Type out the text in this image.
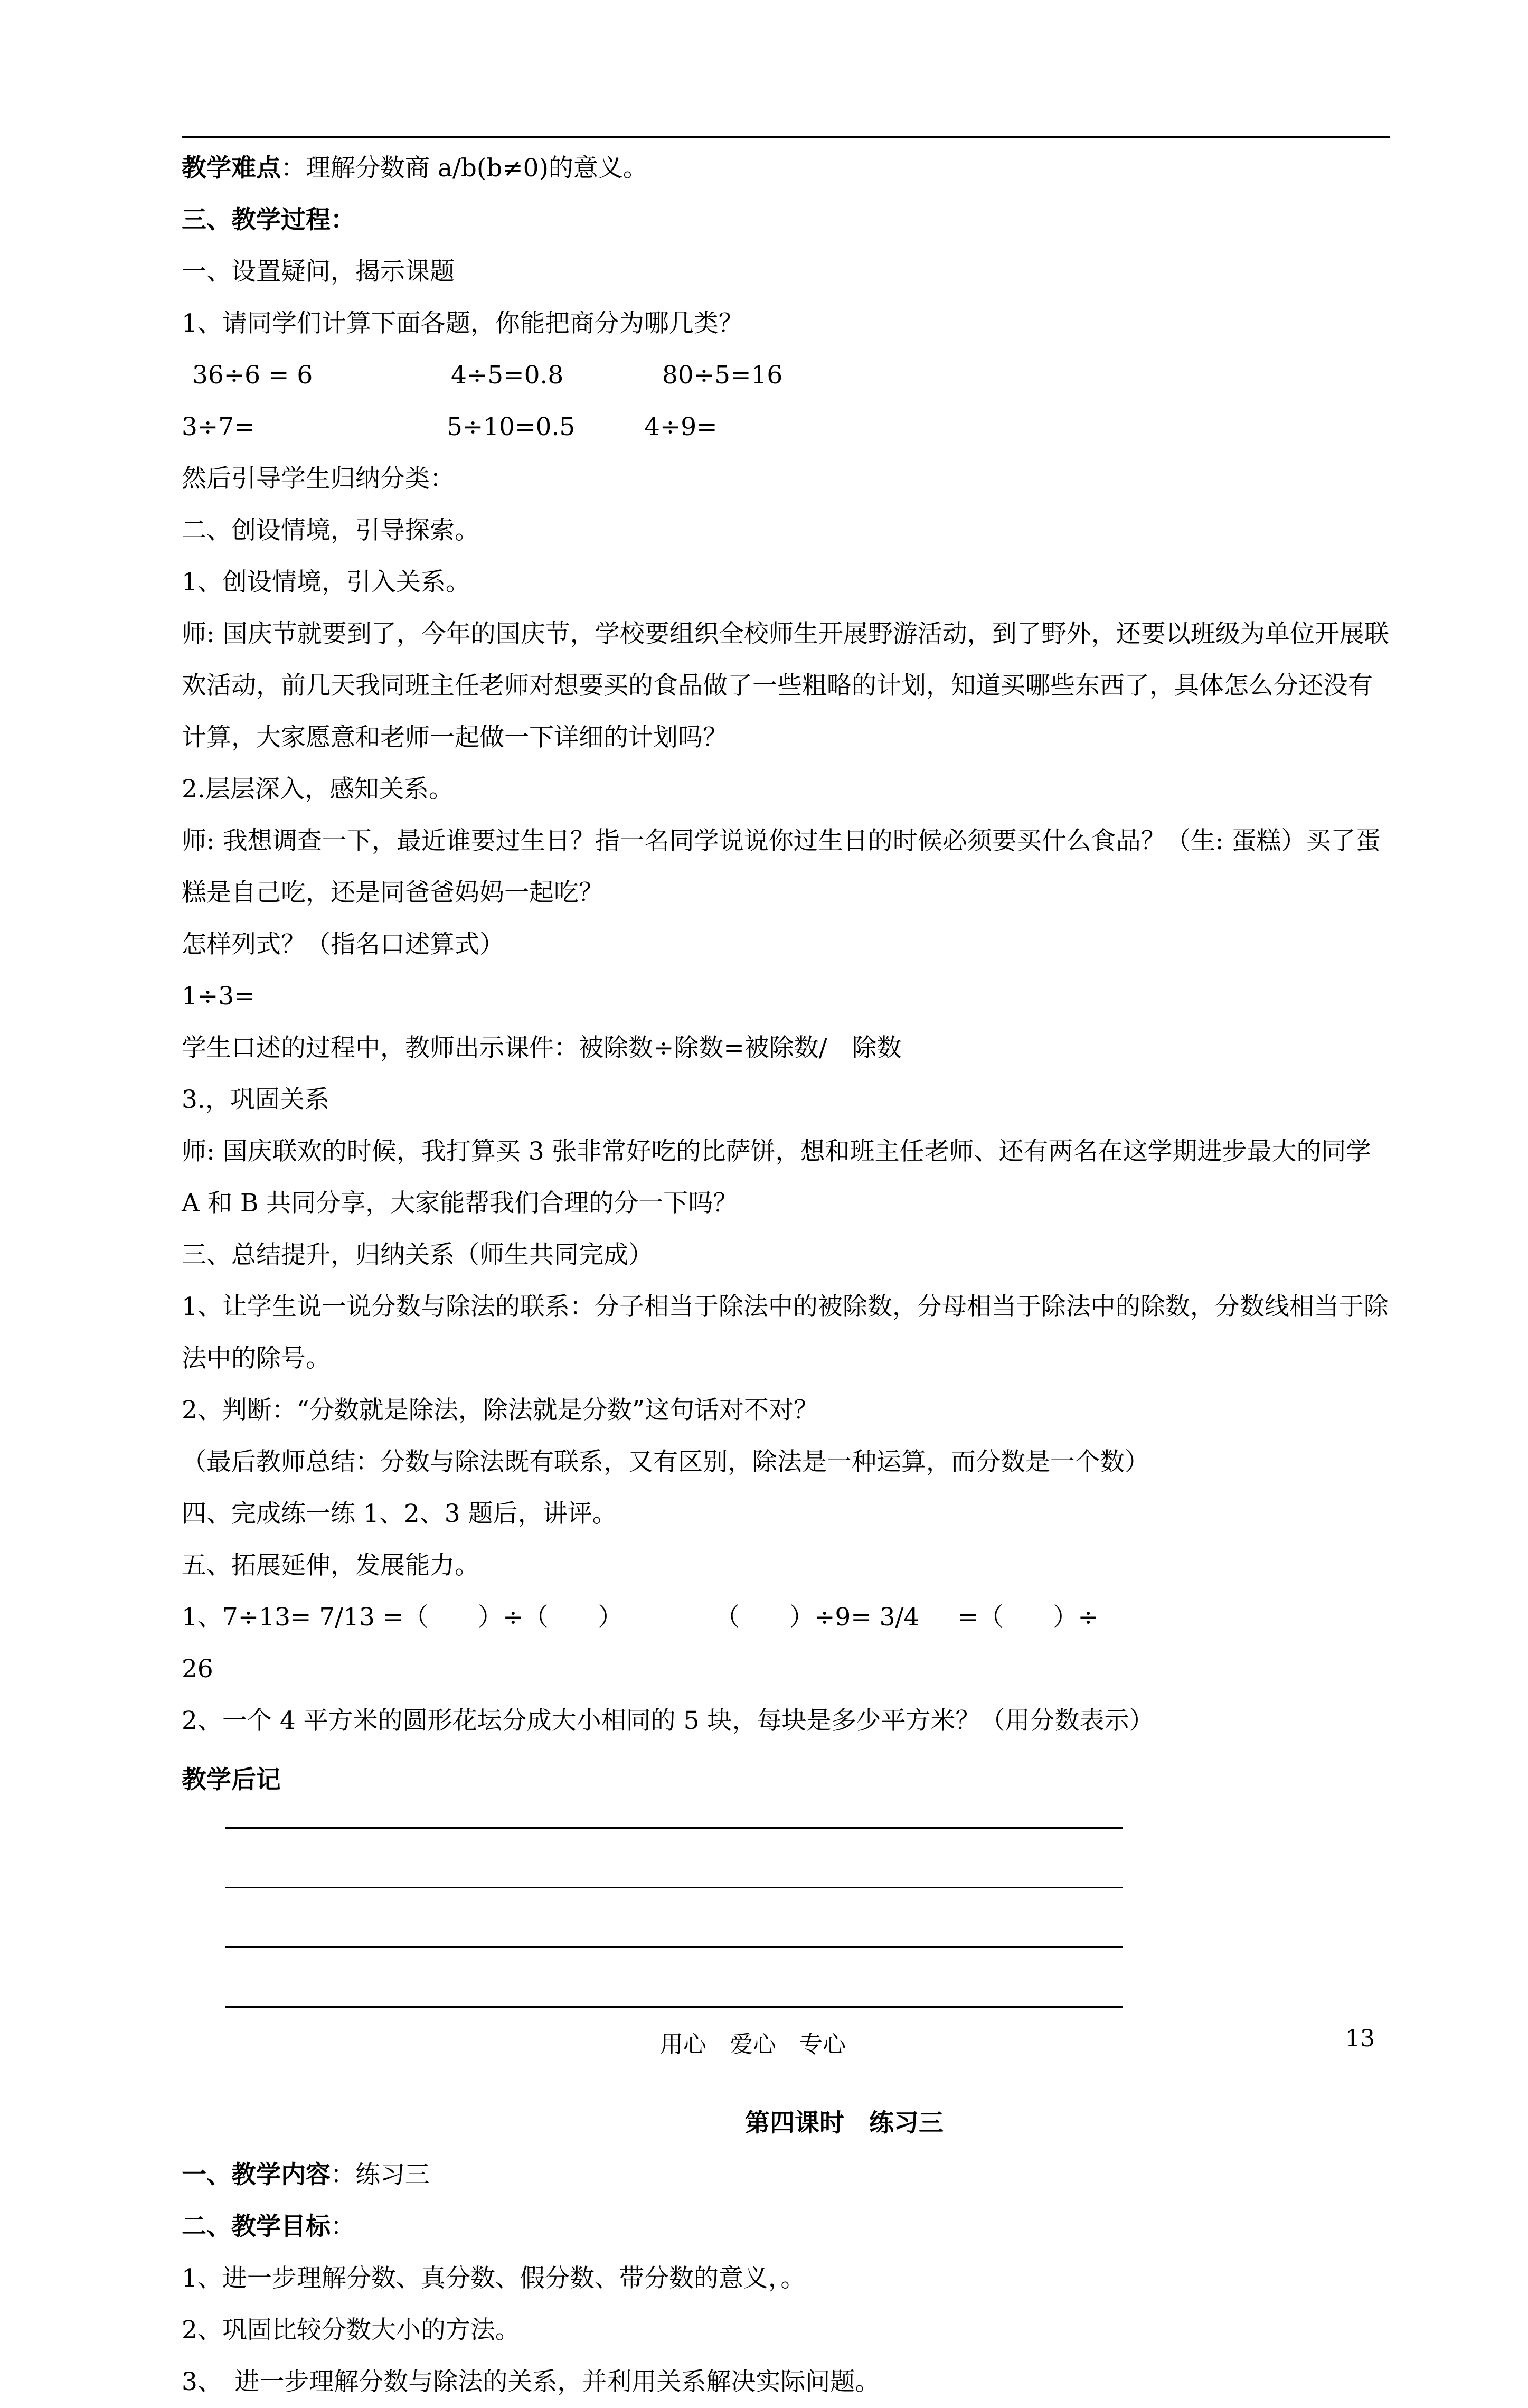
教学难点：理解分数商 a/b(b≠0)的意义。
三、教学过程：
一、设置疑问，揭示课题
1、请同学们计算下面各题，你能把商分为哪几类？
36÷6 = 6	4÷5=0.8	80÷5=16
3÷7=	5÷10=0.5	4÷9=
然后引导学生归纳分类：
二、创设情境，引导探索。
1、创设情境，引入关系。
师: 国庆节就要到了，今年的国庆节，学校要组织全校师生开展野游活动，到了野外，还要以班级为单位开展联欢活动，前几天我同班主任老师对想要买的食品做了一些粗略的计划，知道买哪些东西了，具体怎么分还没有计算，大家愿意和老师一起做一下详细的计划吗？
2.层层深入，感知关系。
师: 我想调查一下，最近谁要过生日？指一名同学说说你过生日的时候必须要买什么食品？（生: 蛋糕）买了蛋糕是自己吃，还是同爸爸妈妈一起吃？
怎样列式？（指名口述算式）
1÷3=
学生口述的过程中，教师出示课件：被除数÷除数=被除数/　除数
3.，巩固关系
师: 国庆联欢的时候，我打算买 3 张非常好吃的比萨饼，想和班主任老师、还有两名在这学期进步最大的同学 A 和 B 共同分享，大家能帮我们合理的分一下吗？
三、总结提升，归纳关系（师生共同完成）
1、让学生说一说分数与除法的联系：分子相当于除法中的被除数，分母相当于除法中的除数，分数线相当于除法中的除号。
2、判断：“分数就是除法，除法就是分数”这句话对不对？
（最后教师总结：分数与除法既有联系，又有区别，除法是一种运算，而分数是一个数）
四、完成练一练 1、2、3 题后，讲评。
五、拓展延伸，发展能力。
1、7÷13= 7/13 =（　　）÷（　　）	（　　）÷9= 3/4 =（　　）÷
26
2、一个 4 平方米的圆形花坛分成大小相同的 5 块，每块是多少平方米？（用分数表示）
教学后记
第四课时　练习三
一、教学内容：练习三
二、教学目标：
1、进一步理解分数、真分数、假分数、带分数的意义，。
2、巩固比较分数大小的方法。
3、　进一步理解分数与除法的关系，并利用关系解决实际问题。
用心　爱心　专心	13
